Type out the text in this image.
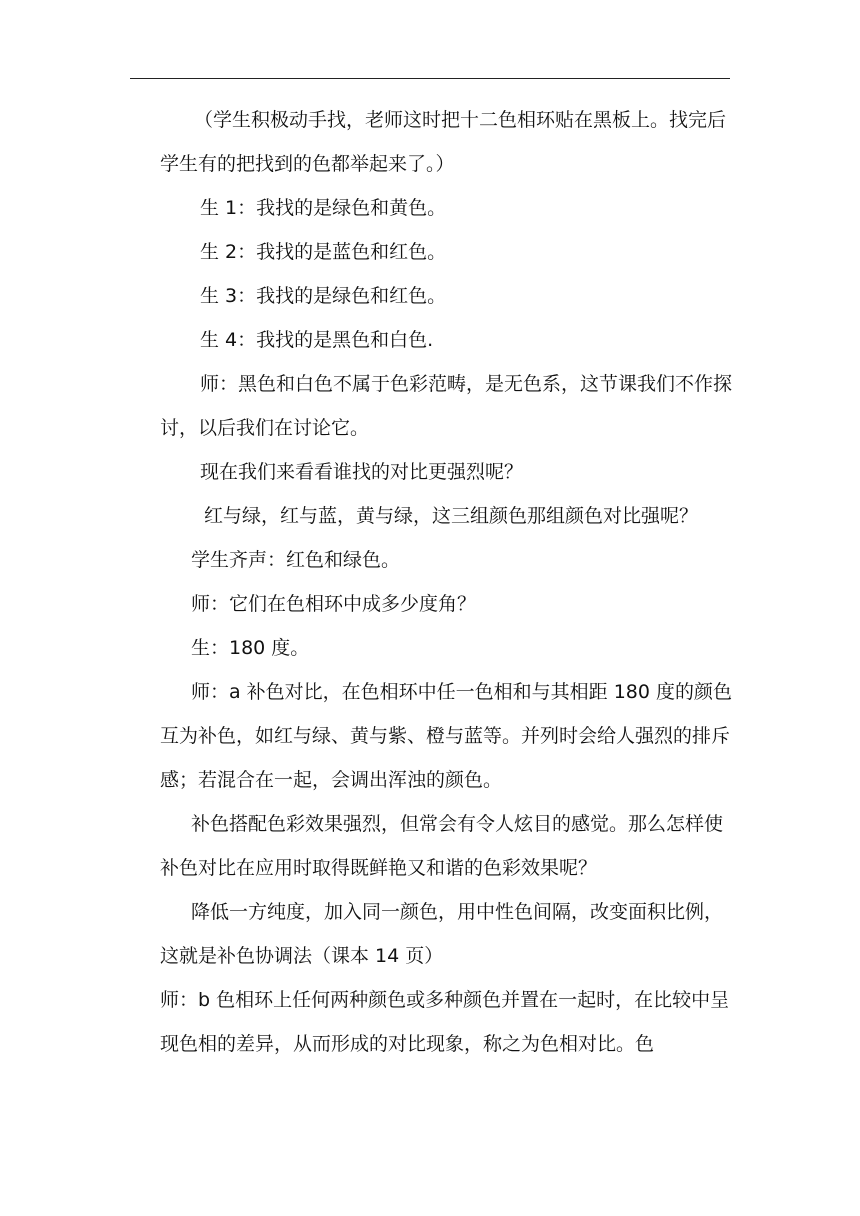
（学生积极动手找，老师这时把十二色相环贴在黑板上。找完后学生有的把找到的色都举起来了。）

生 1：我找的是绿色和黄色。

生 2：我找的是蓝色和红色。

生 3：我找的是绿色和红色。

生 4：我找的是黑色和白色.

师：黑色和白色不属于色彩范畴，是无色系，这节课我们不作探讨，以后我们在讨论它。

现在我们来看看谁找的对比更强烈呢？

红与绿，红与蓝，黄与绿，这三组颜色那组颜色对比强呢？

学生齐声：红色和绿色。

师：它们在色相环中成多少度角？

生：180 度。

师：a 补色对比，在色相环中任一色相和与其相距 180 度的颜色互为补色，如红与绿、黄与紫、橙与蓝等。并列时会给人强烈的排斥感；若混合在一起，会调出浑浊的颜色。

补色搭配色彩效果强烈，但常会有令人炫目的感觉。那么怎样使补色对比在应用时取得既鲜艳又和谐的色彩效果呢？

降低一方纯度，加入同一颜色，用中性色间隔，改变面积比例，这就是补色协调法（课本 14 页）

师：b 色相环上任何两种颜色或多种颜色并置在一起时，在比较中呈现色相的差异，从而形成的对比现象，称之为色相对比。色
